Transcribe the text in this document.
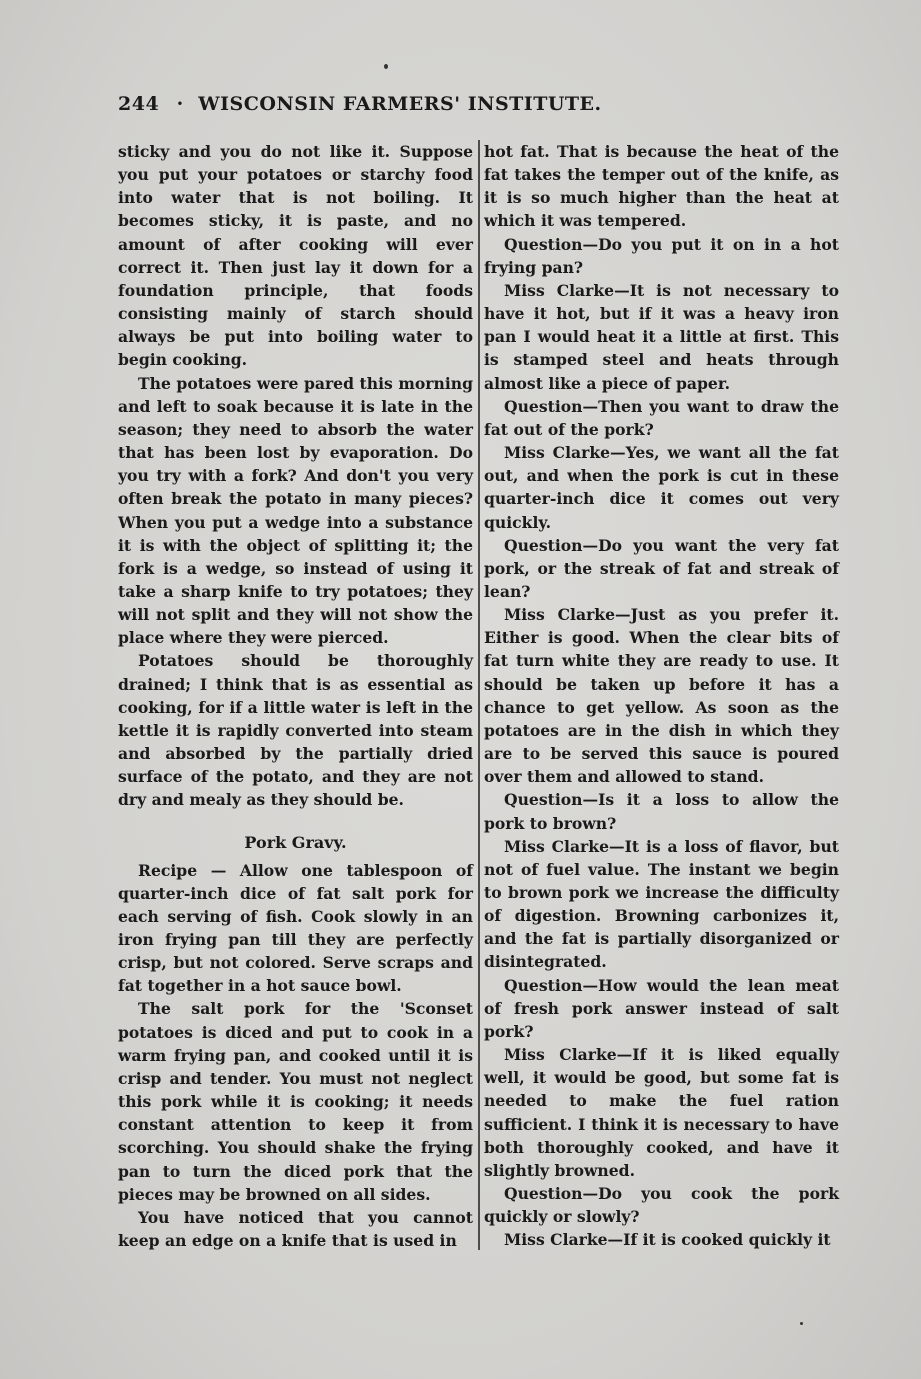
244 · WISCONSIN FARMERS' INSTITUTE.

sticky and you do not like it. Suppose you put your potatoes or starchy food into water that is not boiling. It becomes sticky, it is paste, and no amount of after cooking will ever correct it. Then just lay it down for a foundation principle, that foods consisting mainly of starch should always be put into boiling water to begin cooking.

The potatoes were pared this morning and left to soak because it is late in the season; they need to absorb the water that has been lost by evaporation. Do you try with a fork? And don't you very often break the potato in many pieces? When you put a wedge into a substance it is with the object of splitting it; the fork is a wedge, so instead of using it take a sharp knife to try potatoes; they will not split and they will not show the place where they were pierced.

Potatoes should be thoroughly drained; I think that is as essential as cooking, for if a little water is left in the kettle it is rapidly converted into steam and absorbed by the partially dried surface of the potato, and they are not dry and mealy as they should be.

Pork Gravy.

Recipe — Allow one tablespoon of quarter-inch dice of fat salt pork for each serving of fish. Cook slowly in an iron frying pan till they are perfectly crisp, but not colored. Serve scraps and fat together in a hot sauce bowl.

The salt pork for the 'Sconset potatoes is diced and put to cook in a warm frying pan, and cooked until it is crisp and tender. You must not neglect this pork while it is cooking; it needs constant attention to keep it from scorching. You should shake the frying pan to turn the diced pork that the pieces may be browned on all sides.

You have noticed that you cannot keep an edge on a knife that is used in

hot fat. That is because the heat of the fat takes the temper out of the knife, as it is so much higher than the heat at which it was tempered.

Question—Do you put it on in a hot frying pan?

Miss Clarke—It is not necessary to have it hot, but if it was a heavy iron pan I would heat it a little at first. This is stamped steel and heats through almost like a piece of paper.

Question—Then you want to draw the fat out of the pork?

Miss Clarke—Yes, we want all the fat out, and when the pork is cut in these quarter-inch dice it comes out very quickly.

Question—Do you want the very fat pork, or the streak of fat and streak of lean?

Miss Clarke—Just as you prefer it. Either is good. When the clear bits of fat turn white they are ready to use. It should be taken up before it has a chance to get yellow. As soon as the potatoes are in the dish in which they are to be served this sauce is poured over them and allowed to stand.

Question—Is it a loss to allow the pork to brown?

Miss Clarke—It is a loss of flavor, but not of fuel value. The instant we begin to brown pork we increase the difficulty of digestion. Browning carbonizes it, and the fat is partially disorganized or disintegrated.

Question—How would the lean meat of fresh pork answer instead of salt pork?

Miss Clarke—If it is liked equally well, it would be good, but some fat is needed to make the fuel ration sufficient. I think it is necessary to have both thoroughly cooked, and have it slightly browned.

Question—Do you cook the pork quickly or slowly?

Miss Clarke—If it is cooked quickly it
